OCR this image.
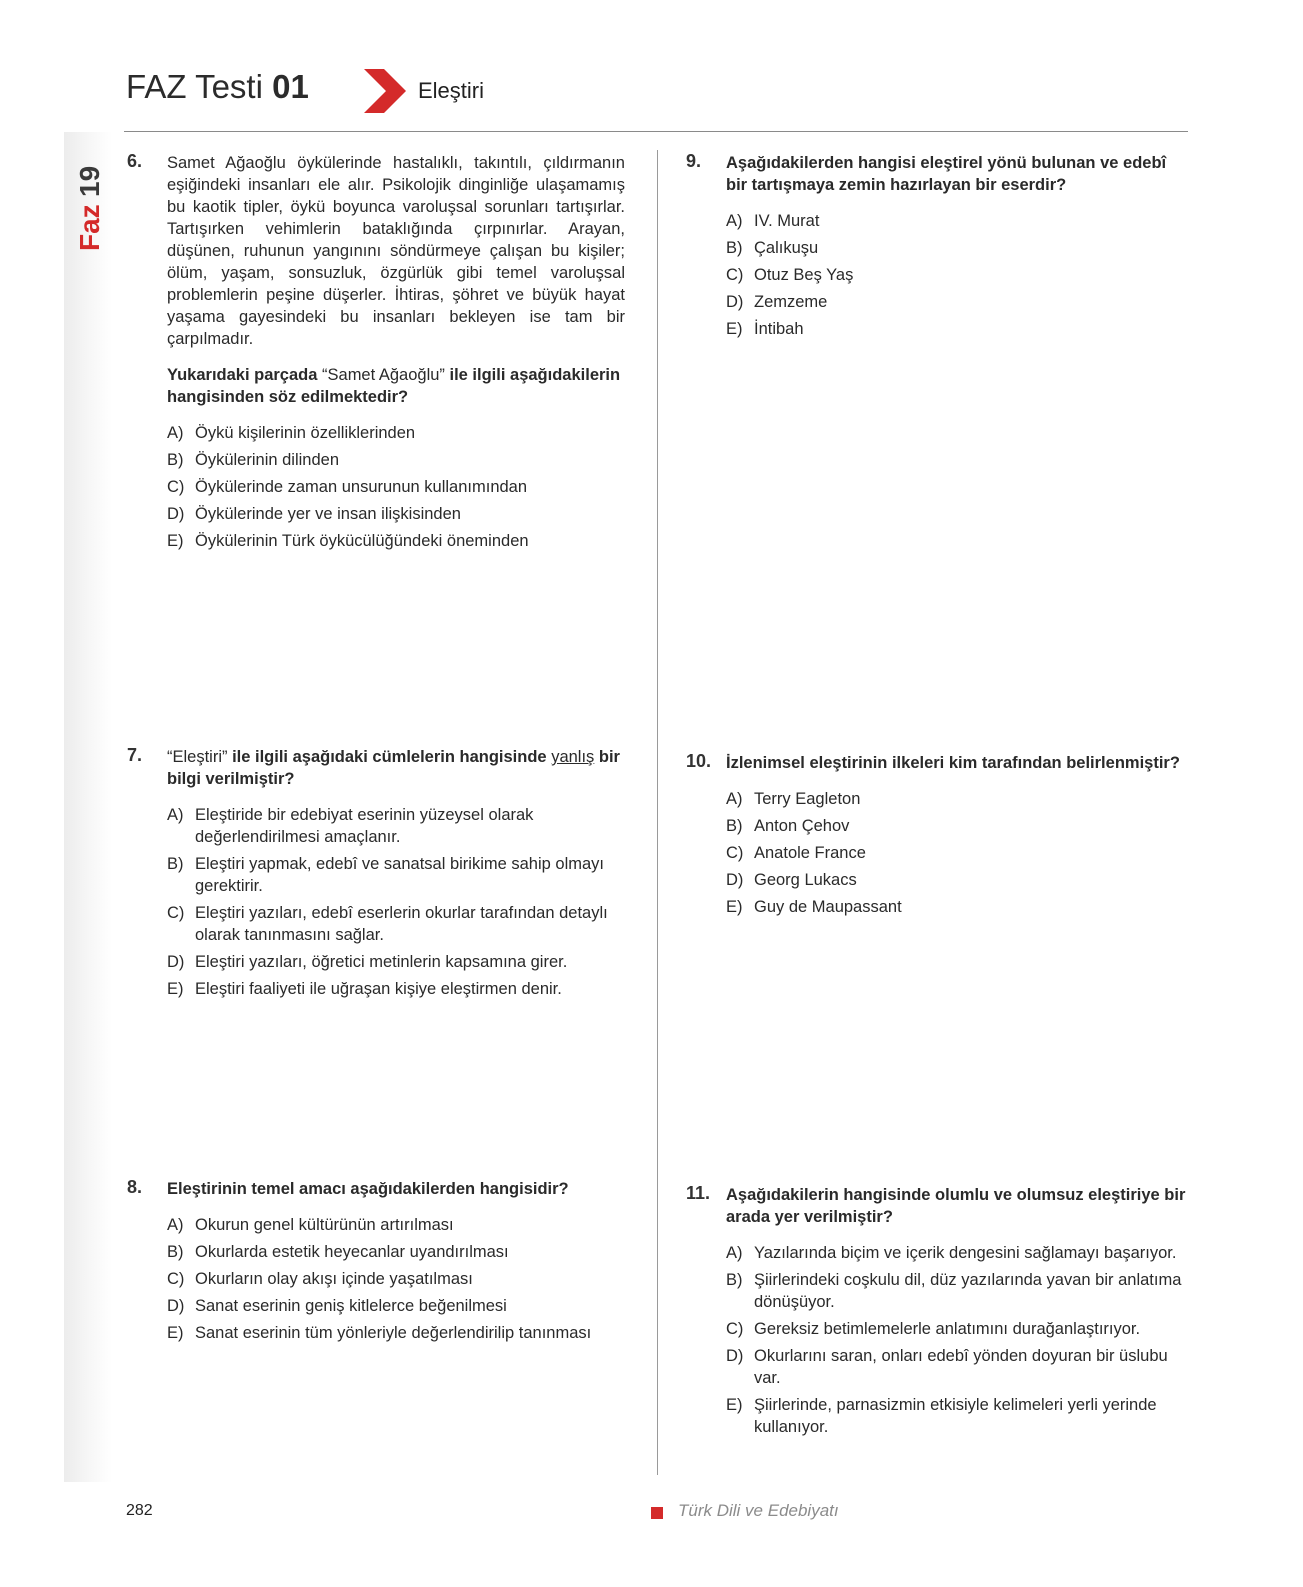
Faz
19
FAZ Testi 01	Eleştiri
6. Samet Ağaoğlu öykülerinde hastalıklı, takıntılı, çıldırmanın eşiğindeki insanları ele alır. Psikolojik dinginliğe ulaşamamış bu kaotik tipler, öykü boyunca varoluşsal sorunları tartışırlar. Tartışırken vehimlerin bataklığında çırpınırlar. Arayan, düşünen, ruhunun yangınını söndürmeye çalışan bu kişiler; ölüm, yaşam, sonsuzluk, özgürlük gibi temel varoluşsal problemlerin peşine düşerler. İhtiras, şöhret ve büyük hayat yaşama gayesindeki bu insanları bekleyen ise tam bir çarpılmadır.

Yukarıdaki parçada “Samet Ağaoğlu” ile ilgili aşağıdakilerin hangisinden söz edilmektedir?

A) Öykü kişilerinin özelliklerinden
B) Öykülerinin dilinden
C) Öykülerinde zaman unsurunun kullanımından
D) Öykülerinde yer ve insan ilişkisinden
E) Öykülerinin Türk öykücülüğündeki öneminden
7. “Eleştiri” ile ilgili aşağıdaki cümlelerin hangisinde yanlış bir bilgi verilmiştir?

A) Eleştiride bir edebiyat eserinin yüzeysel olarak değerlendirilmesi amaçlanır.
B) Eleştiri yapmak, edebî ve sanatsal birikime sahip olmayı gerektirir.
C) Eleştiri yazıları, edebî eserlerin okurlar tarafından detaylı olarak tanınmasını sağlar.
D) Eleştiri yazıları, öğretici metinlerin kapsamına girer.
E) Eleştiri faaliyeti ile uğraşan kişiye eleştirmen denir.
8. Eleştirinin temel amacı aşağıdakilerden hangisidir?

A) Okurun genel kültürünün artırılması
B) Okurlarda estetik heyecanlar uyandırılması
C) Okurların olay akışı içinde yaşatılması
D) Sanat eserinin geniş kitlelerce beğenilmesi
E) Sanat eserinin tüm yönleriyle değerlendirilip tanınması
9. Aşağıdakilerden hangisi eleştirel yönü bulunan ve edebî bir tartışmaya zemin hazırlayan bir eserdir?

A) IV. Murat
B) Çalıkuşu
C) Otuz Beş Yaş
D) Zemzeme
E) İntibah
10. İzlenimsel eleştirinin ilkeleri kim tarafından belirlenmiştir?

A) Terry Eagleton
B) Anton Çehov
C) Anatole France
D) Georg Lukacs
E) Guy de Maupassant
11. Aşağıdakilerin hangisinde olumlu ve olumsuz eleştiriye bir arada yer verilmiştir?

A) Yazılarında biçim ve içerik dengesini sağlamayı başarıyor.
B) Şiirlerindeki coşkulu dil, düz yazılarında yavan bir anlatıma dönüşüyor.
C) Gereksiz betimlemelerle anlatımını durağanlaştırıyor.
D) Okurlarını saran, onları edebî yönden doyuran bir üslubu var.
E) Şiirlerinde, parnasizmin etkisiyle kelimeleri yerli yerinde kullanıyor.
282	Türk Dili ve Edebiyatı
